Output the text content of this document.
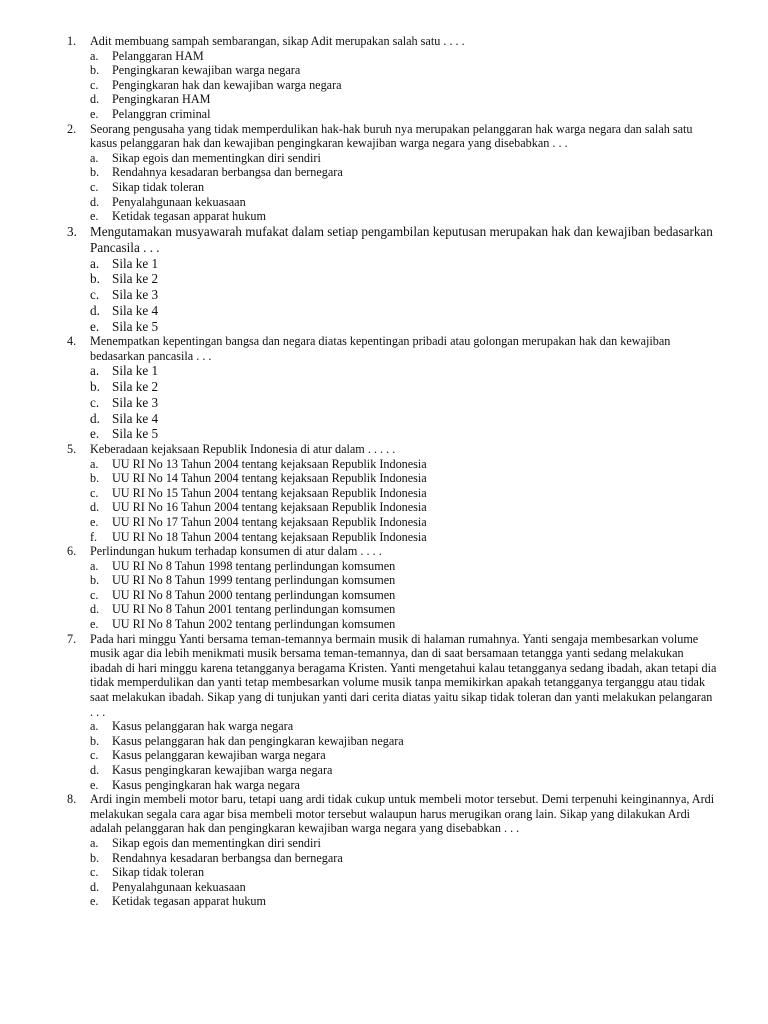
1. Adit membuang sampah sembarangan, sikap Adit merupakan salah satu . . . .
a. Pelanggaran HAM
b. Pengingkaran kewajiban warga negara
c. Pengingkaran hak dan kewajiban warga negara
d. Pengingkaran HAM
e. Pelanggran criminal
2. Seorang pengusaha yang tidak memperdulikan hak-hak buruh nya merupakan pelanggaran hak warga negara dan salah satu kasus pelanggaran hak dan kewajiban pengingkaran kewajiban warga negara yang disebabkan . . .
a. Sikap egois dan mementingkan diri sendiri
b. Rendahnya kesadaran berbangsa dan bernegara
c. Sikap tidak toleran
d. Penyalahgunaan kekuasaan
e. Ketidak tegasan apparat hukum
3. Mengutamakan musyawarah mufakat dalam setiap pengambilan keputusan merupakan hak dan kewajiban bedasarkan Pancasila . . .
a. Sila ke 1
b. Sila ke 2
c. Sila ke 3
d. Sila ke 4
e. Sila ke 5
4. Menempatkan kepentingan bangsa dan negara diatas kepentingan pribadi atau golongan merupakan hak dan kewajiban bedasarkan pancasila . . .
a. Sila ke 1
b. Sila ke 2
c. Sila ke 3
d. Sila ke 4
e. Sila ke 5
5. Keberadaan kejaksaan Republik Indonesia di atur dalam . . . . .
a. UU RI No 13 Tahun 2004 tentang kejaksaan Republik Indonesia
b. UU RI No 14 Tahun 2004 tentang kejaksaan Republik Indonesia
c. UU RI No 15 Tahun 2004 tentang kejaksaan Republik Indonesia
d. UU RI No 16 Tahun 2004 tentang kejaksaan Republik Indonesia
e. UU RI No 17 Tahun 2004 tentang kejaksaan Republik Indonesia
f. UU RI No 18 Tahun 2004 tentang kejaksaan Republik Indonesia
6. Perlindungan hukum terhadap konsumen di atur dalam . . . .
a. UU RI No 8 Tahun 1998 tentang perlindungan komsumen
b. UU RI No 8 Tahun 1999 tentang perlindungan komsumen
c. UU RI No 8 Tahun 2000 tentang perlindungan komsumen
d. UU RI No 8 Tahun 2001 tentang perlindungan komsumen
e. UU RI No 8 Tahun 2002 tentang perlindungan komsumen
7. Pada hari minggu Yanti bersama teman-temannya bermain musik di halaman rumahnya. Yanti sengaja membesarkan volume musik agar dia lebih menikmati musik bersama teman-temannya, dan di saat bersamaan tetangga yanti sedang melakukan ibadah di hari minggu karena tetangganya beragama Kristen. Yanti mengetahui kalau tetangganya sedang ibadah, akan tetapi dia tidak memperdulikan dan yanti tetap membesarkan volume musik tanpa memikirkan apakah tetangganya terganggu atau tidak saat melakukan ibadah. Sikap yang di tunjukan yanti dari cerita diatas yaitu sikap tidak toleran dan yanti melakukan pelangaran . . .
a. Kasus pelanggaran hak warga negara
b. Kasus pelanggaran hak dan pengingkaran kewajiban negara
c. Kasus pelanggaran kewajiban warga negara
d. Kasus pengingkaran kewajiban warga negara
e. Kasus pengingkaran hak warga negara
8. Ardi ingin membeli motor baru, tetapi uang ardi tidak cukup untuk membeli motor tersebut. Demi terpenuhi keinginannya, Ardi melakukan segala cara agar bisa membeli motor tersebut walaupun harus merugikan orang lain. Sikap yang dilakukan Ardi adalah pelanggaran hak dan pengingkaran kewajiban warga negara yang disebabkan . . .
a. Sikap egois dan mementingkan diri sendiri
b. Rendahnya kesadaran berbangsa dan bernegara
c. Sikap tidak toleran
d. Penyalahgunaan kekuasaan
e. Ketidak tegasan apparat hukum
